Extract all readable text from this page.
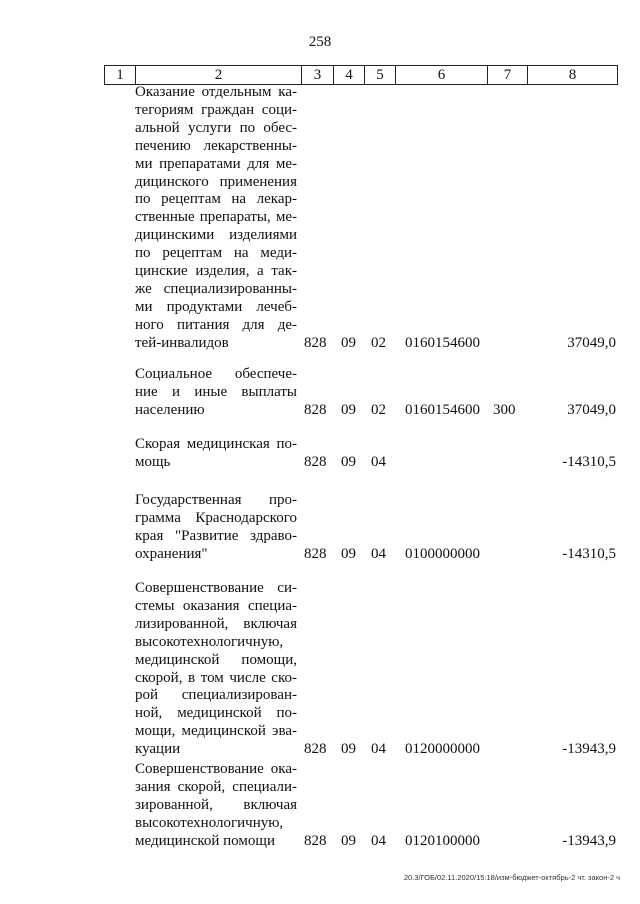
258
1	2	3	4	5	6	7	8
Оказание отдельным ка-
тегориям граждан соци-
альной услуги по обес-
печению лекарственны-
ми препаратами для ме-
дицинского применения
по рецептам на лекар-
ственные препараты, ме-
дицинскими изделиями
по рецептам на меди-
цинские изделия, а так-
же специализированны-
ми продуктами лечеб-
ного питания для де-
тей-инвалидов	828 09 02 0160154600	37049,0
Социальное обеспече-
ние и иные выплаты
населению	828 09 02 0160154600 300	37049,0
Скорая медицинская по-
мощь	828 09 04	-14310,5
Государственная про-
грамма Краснодарского
края "Развитие здраво-
охранения"	828 09 04 0100000000	-14310,5
Совершенствование си-
стемы оказания специа-
лизированной, включая
высокотехнологичную,
медицинской помощи,
скорой, в том числе ско-
рой специализирован-
ной, медицинской по-
мощи, медицинской эва-
куации	828 09 04 0120000000	-13943,9
Совершенствование ока-
зания скорой, специали-
зированной, включая
высокотехнологичную,
медицинской помощи	828 09 04 0120100000	-13943,9
20.3/ГОБ/02.11.2020/15:18/изм-бюджет-октябрь-2 чт. закон-2 ч
